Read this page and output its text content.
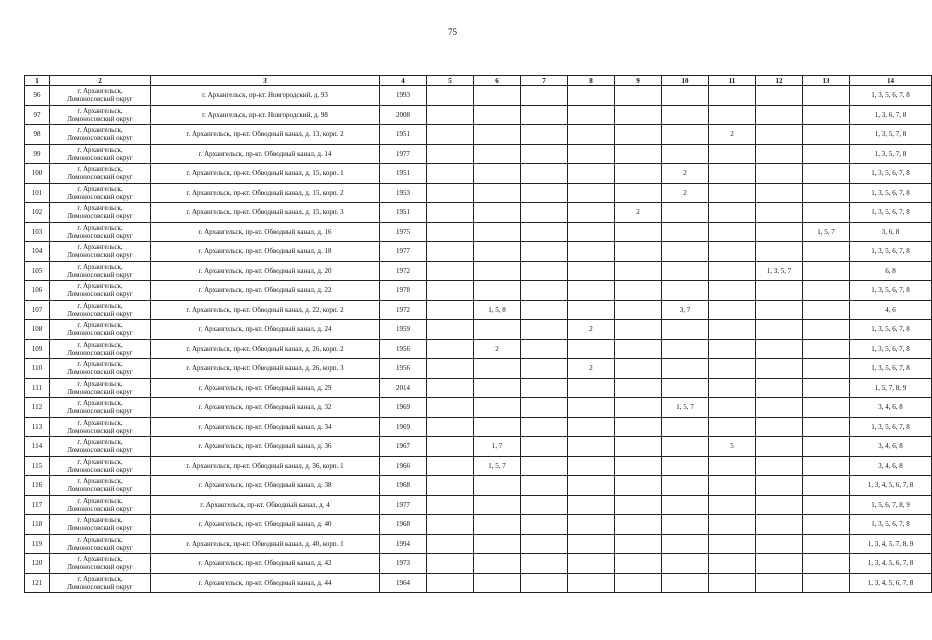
75
1	2	3	4	5	6	7	8	9	10	11	12	13	14
96	г. Архангельск,
Ломоносовский округ	г. Архангельск, пр-кт. Новгородский, д. 93	1993										1, 3, 5, 6, 7, 8
97	г. Архангельск,
Ломоносовский округ	г. Архангельск, пр-кт. Новгородский, д. 98	2008										1, 3, 6, 7, 8
98	г. Архангельск,
Ломоносовский округ	г. Архангельск, пр-кт. Обводный канал, д. 13, корп. 2	1951							2			1, 3, 5, 7, 8
99	г. Архангельск,
Ломоносовский округ	г. Архангельск, пр-кт. Обводный канал, д. 14	1977										1, 3, 5, 7, 8
100	г. Архангельск,
Ломоносовский округ	г. Архангельск, пр-кт. Обводный канал, д. 15, корп. 1	1951						2				1, 3, 5, 6, 7, 8
101	г. Архангельск,
Ломоносовский округ	г. Архангельск, пр-кт. Обводный канал, д. 15, корп. 2	1953						2				1, 3, 5, 6, 7, 8
102	г. Архангельск,
Ломоносовский округ	г. Архангельск, пр-кт. Обводный канал, д. 15, корп. 3	1951					2					1, 3, 5, 6, 7, 8
103	г. Архангельск,
Ломоносовский округ	г. Архангельск, пр-кт. Обводный канал, д. 16	1975									1, 5, 7	3, 6, 8
104	г. Архангельск,
Ломоносовский округ	г. Архангельск, пр-кт. Обводный канал, д. 18	1977										1, 3, 5, 6, 7, 8
105	г. Архангельск,
Ломоносовский округ	г. Архангельск, пр-кт. Обводный канал, д. 20	1972								1, 3, 5, 7		6, 8
106	г. Архангельск,
Ломоносовский округ	г. Архангельск, пр-кт. Обводный канал, д. 22	1978										1, 3, 5, 6, 7, 8
107	г. Архангельск,
Ломоносовский округ	г. Архангельск, пр-кт. Обводный канал, д. 22, корп. 2	1972		1, 5, 8				3, 7				4, 6
108	г. Архангельск,
Ломоносовский округ	г. Архангельск, пр-кт. Обводный канал, д. 24	1959				2						1, 3, 5, 6, 7, 8
109	г. Архангельск,
Ломоносовский округ	г. Архангельск, пр-кт. Обводный канал, д. 26, корп. 2	1956		2								1, 3, 5, 6, 7, 8
110	г. Архангельск,
Ломоносовский округ	г. Архангельск, пр-кт. Обводный канал, д. 26, корп. 3	1956				2						1, 3, 5, 6, 7, 8
111	г. Архангельск,
Ломоносовский округ	г. Архангельск, пр-кт. Обводный канал, д. 29	2014										1, 5, 7, 8, 9
112	г. Архангельск,
Ломоносовский округ	г. Архангельск, пр-кт. Обводный канал, д. 32	1969						1, 5, 7				3, 4, 6, 8
113	г. Архангельск,
Ломоносовский округ	г. Архангельск, пр-кт. Обводный канал, д. 34	1969										1, 3, 5, 6, 7, 8
114	г. Архангельск,
Ломоносовский округ	г. Архангельск, пр-кт. Обводный канал, д. 36	1967		1, 7					5			3, 4, 6, 8
115	г. Архангельск,
Ломоносовский округ	г. Архангельск, пр-кт. Обводный канал, д. 36, корп. 1	1966		1, 5, 7								3, 4, 6, 8
116	г. Архангельск,
Ломоносовский округ	г. Архангельск, пр-кт. Обводный канал, д. 38	1968										1, 3, 4, 5, 6, 7, 8
117	г. Архангельск,
Ломоносовский округ	г. Архангельск, пр-кт. Обводный канал, д. 4	1977										1, 5, 6, 7, 8, 9
118	г. Архангельск,
Ломоносовский округ	г. Архангельск, пр-кт. Обводный канал, д. 40	1968										1, 3, 5, 6, 7, 8
119	г. Архангельск,
Ломоносовский округ	г. Архангельск, пр-кт. Обводный канал, д. 40, корп. 1	1994										1, 3, 4, 5, 7, 8, 9
120	г. Архангельск,
Ломоносовский округ	г. Архангельск, пр-кт. Обводный канал, д. 42	1973										1, 3, 4, 5, 6, 7, 8
121	г. Архангельск,
Ломоносовский округ	г. Архангельск, пр-кт. Обводный канал, д. 44	1964										1, 3, 4, 5, 6, 7, 8
